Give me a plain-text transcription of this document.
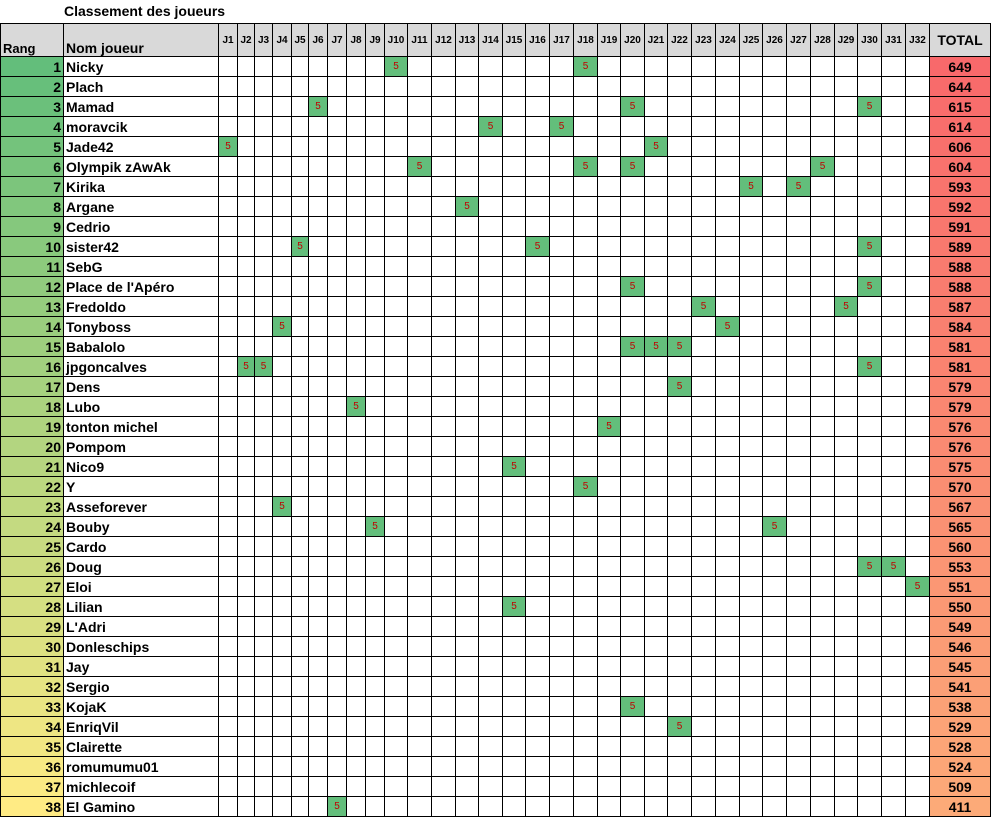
Classement des joueurs
Rang	Nom joueur	J1	J2	J3	J4	J5	J6	J7	J8	J9	J10	J11	J12	J13	J14	J15	J16	J17	J18	J19	J20	J21	J22	J23	J24	J25	J26	J27	J28	J29	J30	J31	J32	TOTAL
1	Nicky										5								5															649
2	Plach																																	644
3	Mamad						5														5										5			615
4	moravcik														5			5																614
5	Jade42	5																				5												606
6	Olympik zAwAk											5							5		5								5					604
7	Kirika																									5		5						593
8	Argane													5																				592
9	Cedrio																																	591
10	sister42					5											5														5			589
11	SebG																																	588
12	Place de l'Apéro																				5										5			588
13	Fredoldo																							5						5				587
14	Tonyboss				5																				5									584
15	Babalolo																				5	5	5											581
16	jpgoncalves		5	5																											5			581
17	Dens																						5											579
18	Lubo								5																									579
19	tonton michel																			5														576
20	Pompom																																	576
21	Nico9															5																		575
22	Y																		5															570
23	Asseforever				5																													567
24	Bouby									5																	5							565
25	Cardo																																	560
26	Doug																														5	5		553
27	Eloi																																5	551
28	Lilian															5																		550
29	L'Adri																																	549
30	Donleschips																																	546
31	Jay																																	545
32	Sergio																																	541
33	KojaK																				5													538
34	EnriqVil																						5											529
35	Clairette																																	528
36	romumumu01																																	524
37	michlecoif																																	509
38	El Gamino							5																										411
